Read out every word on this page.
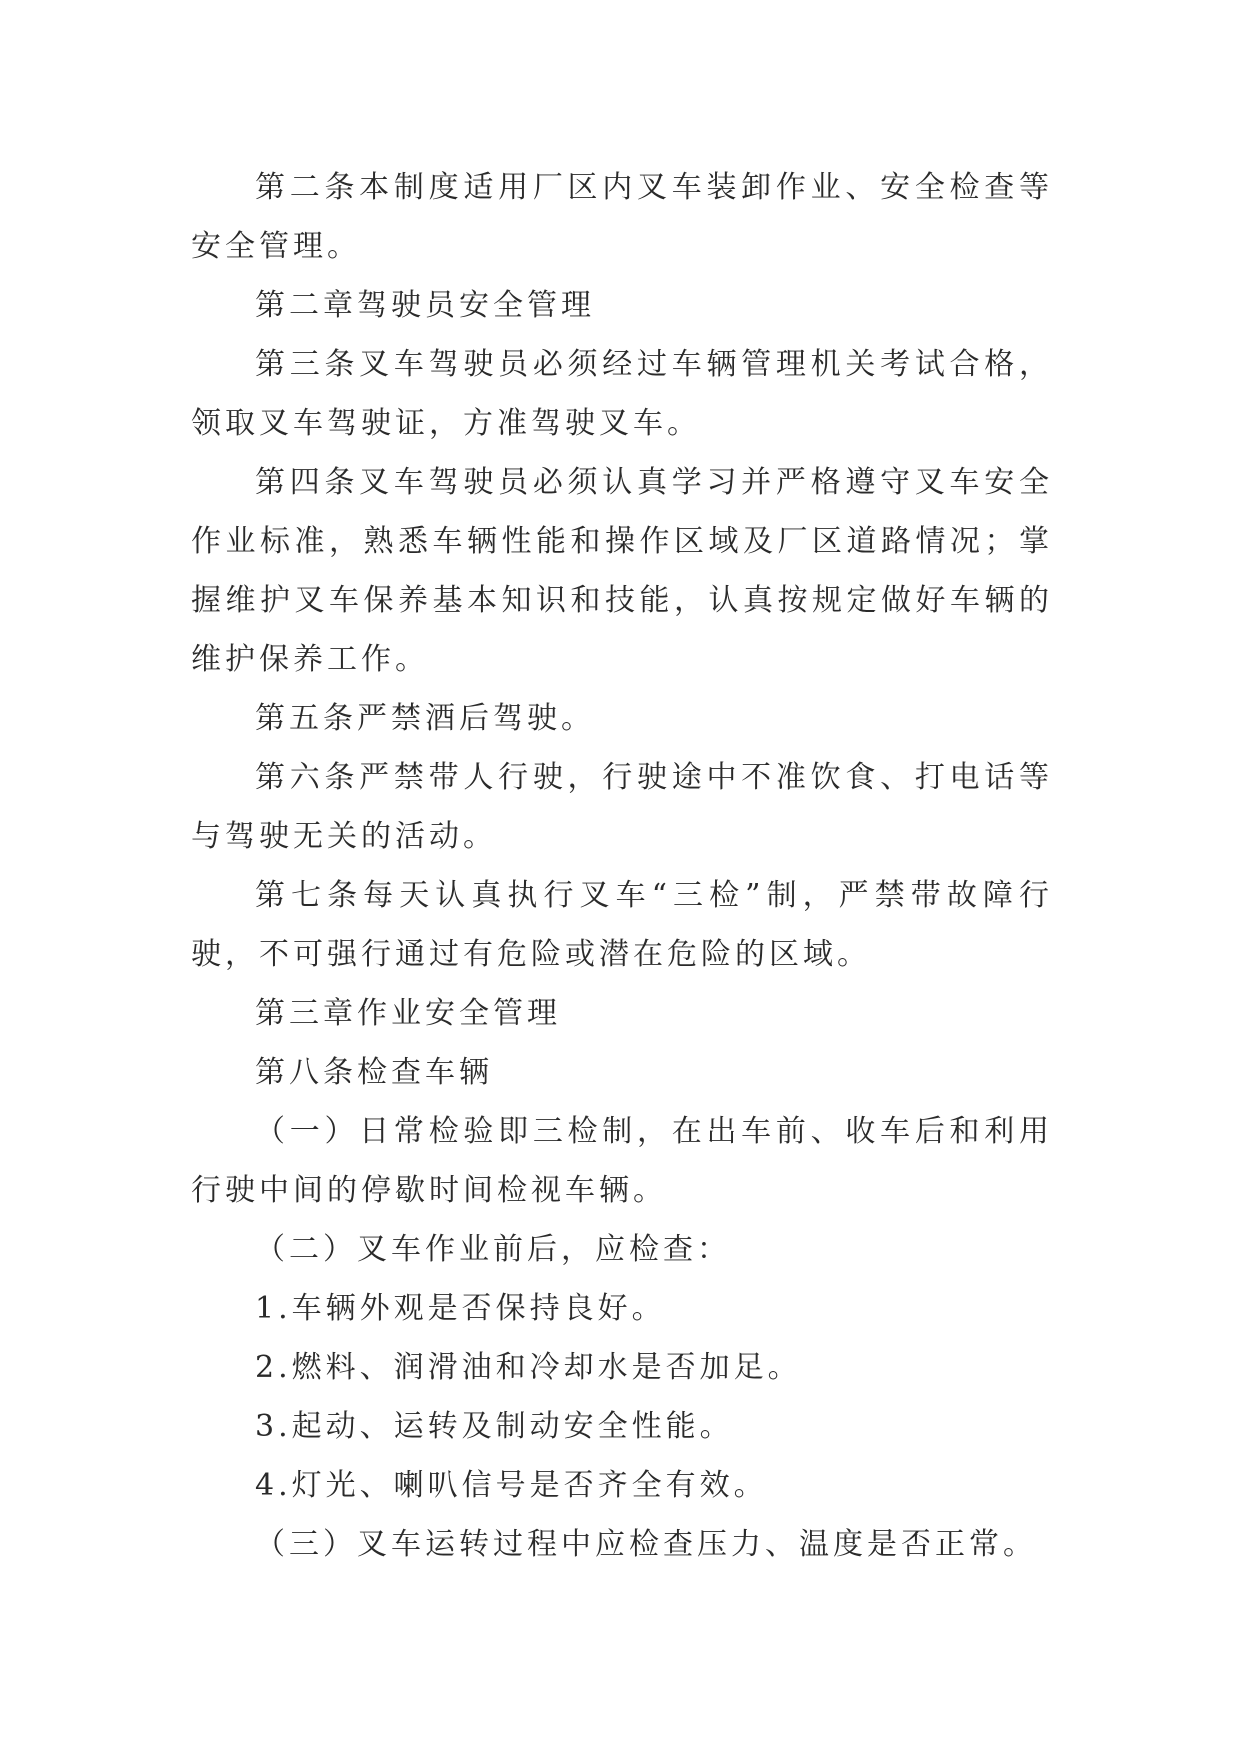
第二条本制度适用厂区内叉车装卸作业、安全检查等安全管理。

第二章驾驶员安全管理

第三条叉车驾驶员必须经过车辆管理机关考试合格，领取叉车驾驶证，方准驾驶叉车。

第四条叉车驾驶员必须认真学习并严格遵守叉车安全作业标准，熟悉车辆性能和操作区域及厂区道路情况；掌握维护叉车保养基本知识和技能，认真按规定做好车辆的维护保养工作。

第五条严禁酒后驾驶。

第六条严禁带人行驶，行驶途中不准饮食、打电话等与驾驶无关的活动。

第七条每天认真执行叉车“三检”制，严禁带故障行驶，不可强行通过有危险或潜在危险的区域。

第三章作业安全管理

第八条检查车辆

（一）日常检验即三检制，在出车前、收车后和利用行驶中间的停歇时间检视车辆。

（二）叉车作业前后，应检查：

1.车辆外观是否保持良好。

2.燃料、润滑油和冷却水是否加足。

3.起动、运转及制动安全性能。

4.灯光、喇叭信号是否齐全有效。

（三）叉车运转过程中应检查压力、温度是否正常。
